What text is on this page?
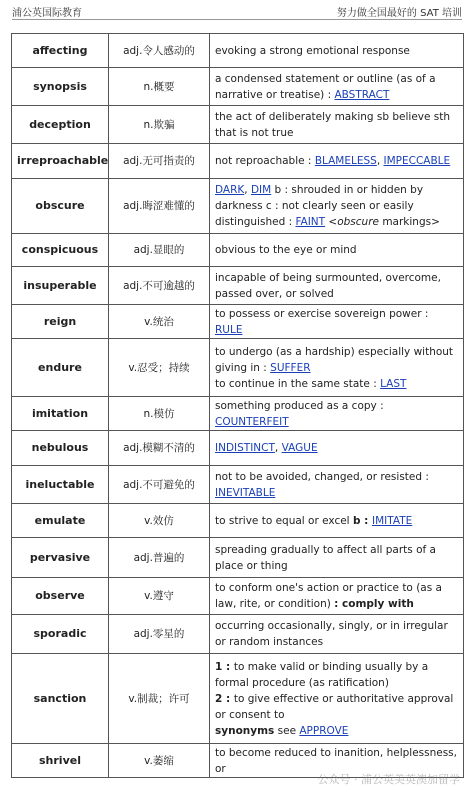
浦公英国际教育	努力做全国最好的 SAT 培训
affecting	adj.令人感动的	evoking a strong emotional response
synopsis	n.概要	a condensed statement or outline (as of a narrative or treatise) : ABSTRACT
deception	n.欺骗	the act of deliberately making sb believe sth that is not true
irreproachable	adj.无可指责的	not reproachable : BLAMELESS, IMPECCABLE
obscure	adj.晦涩难懂的	DARK, DIM b : shrouded in or hidden by darkness c : not clearly seen or easily distinguished : FAINT <obscure markings>
conspicuous	adj.显眼的	obvious to the eye or mind
insuperable	adj.不可逾越的	incapable of being surmounted, overcome, passed over, or solved
reign	v.统治	to possess or exercise sovereign power : RULE
endure	v.忍受；持续	to undergo (as a hardship) especially without giving in : SUFFER
to continue in the same state : LAST
imitation	n.模仿	something produced as a copy : COUNTERFEIT
nebulous	adj.模糊不清的	INDISTINCT, VAGUE
ineluctable	adj.不可避免的	not to be avoided, changed, or resisted : INEVITABLE
emulate	v.效仿	to strive to equal or excel b : IMITATE
pervasive	adj.普遍的	spreading gradually to affect all parts of a place or thing
observe	v.遵守	to conform one's action or practice to (as a law, rite, or condition) : comply with
sporadic	adj.零星的	occurring occasionally, singly, or in irregular or random instances
sanction	v.制裁；许可	1 : to make valid or binding usually by a formal procedure (as ratification)
2 : to give effective or authoritative approval or consent to
synonyms see APPROVE
shrivel	v.萎缩	to become reduced to inanition, helplessness, or
公众号 · 浦公英美英澳加留学
